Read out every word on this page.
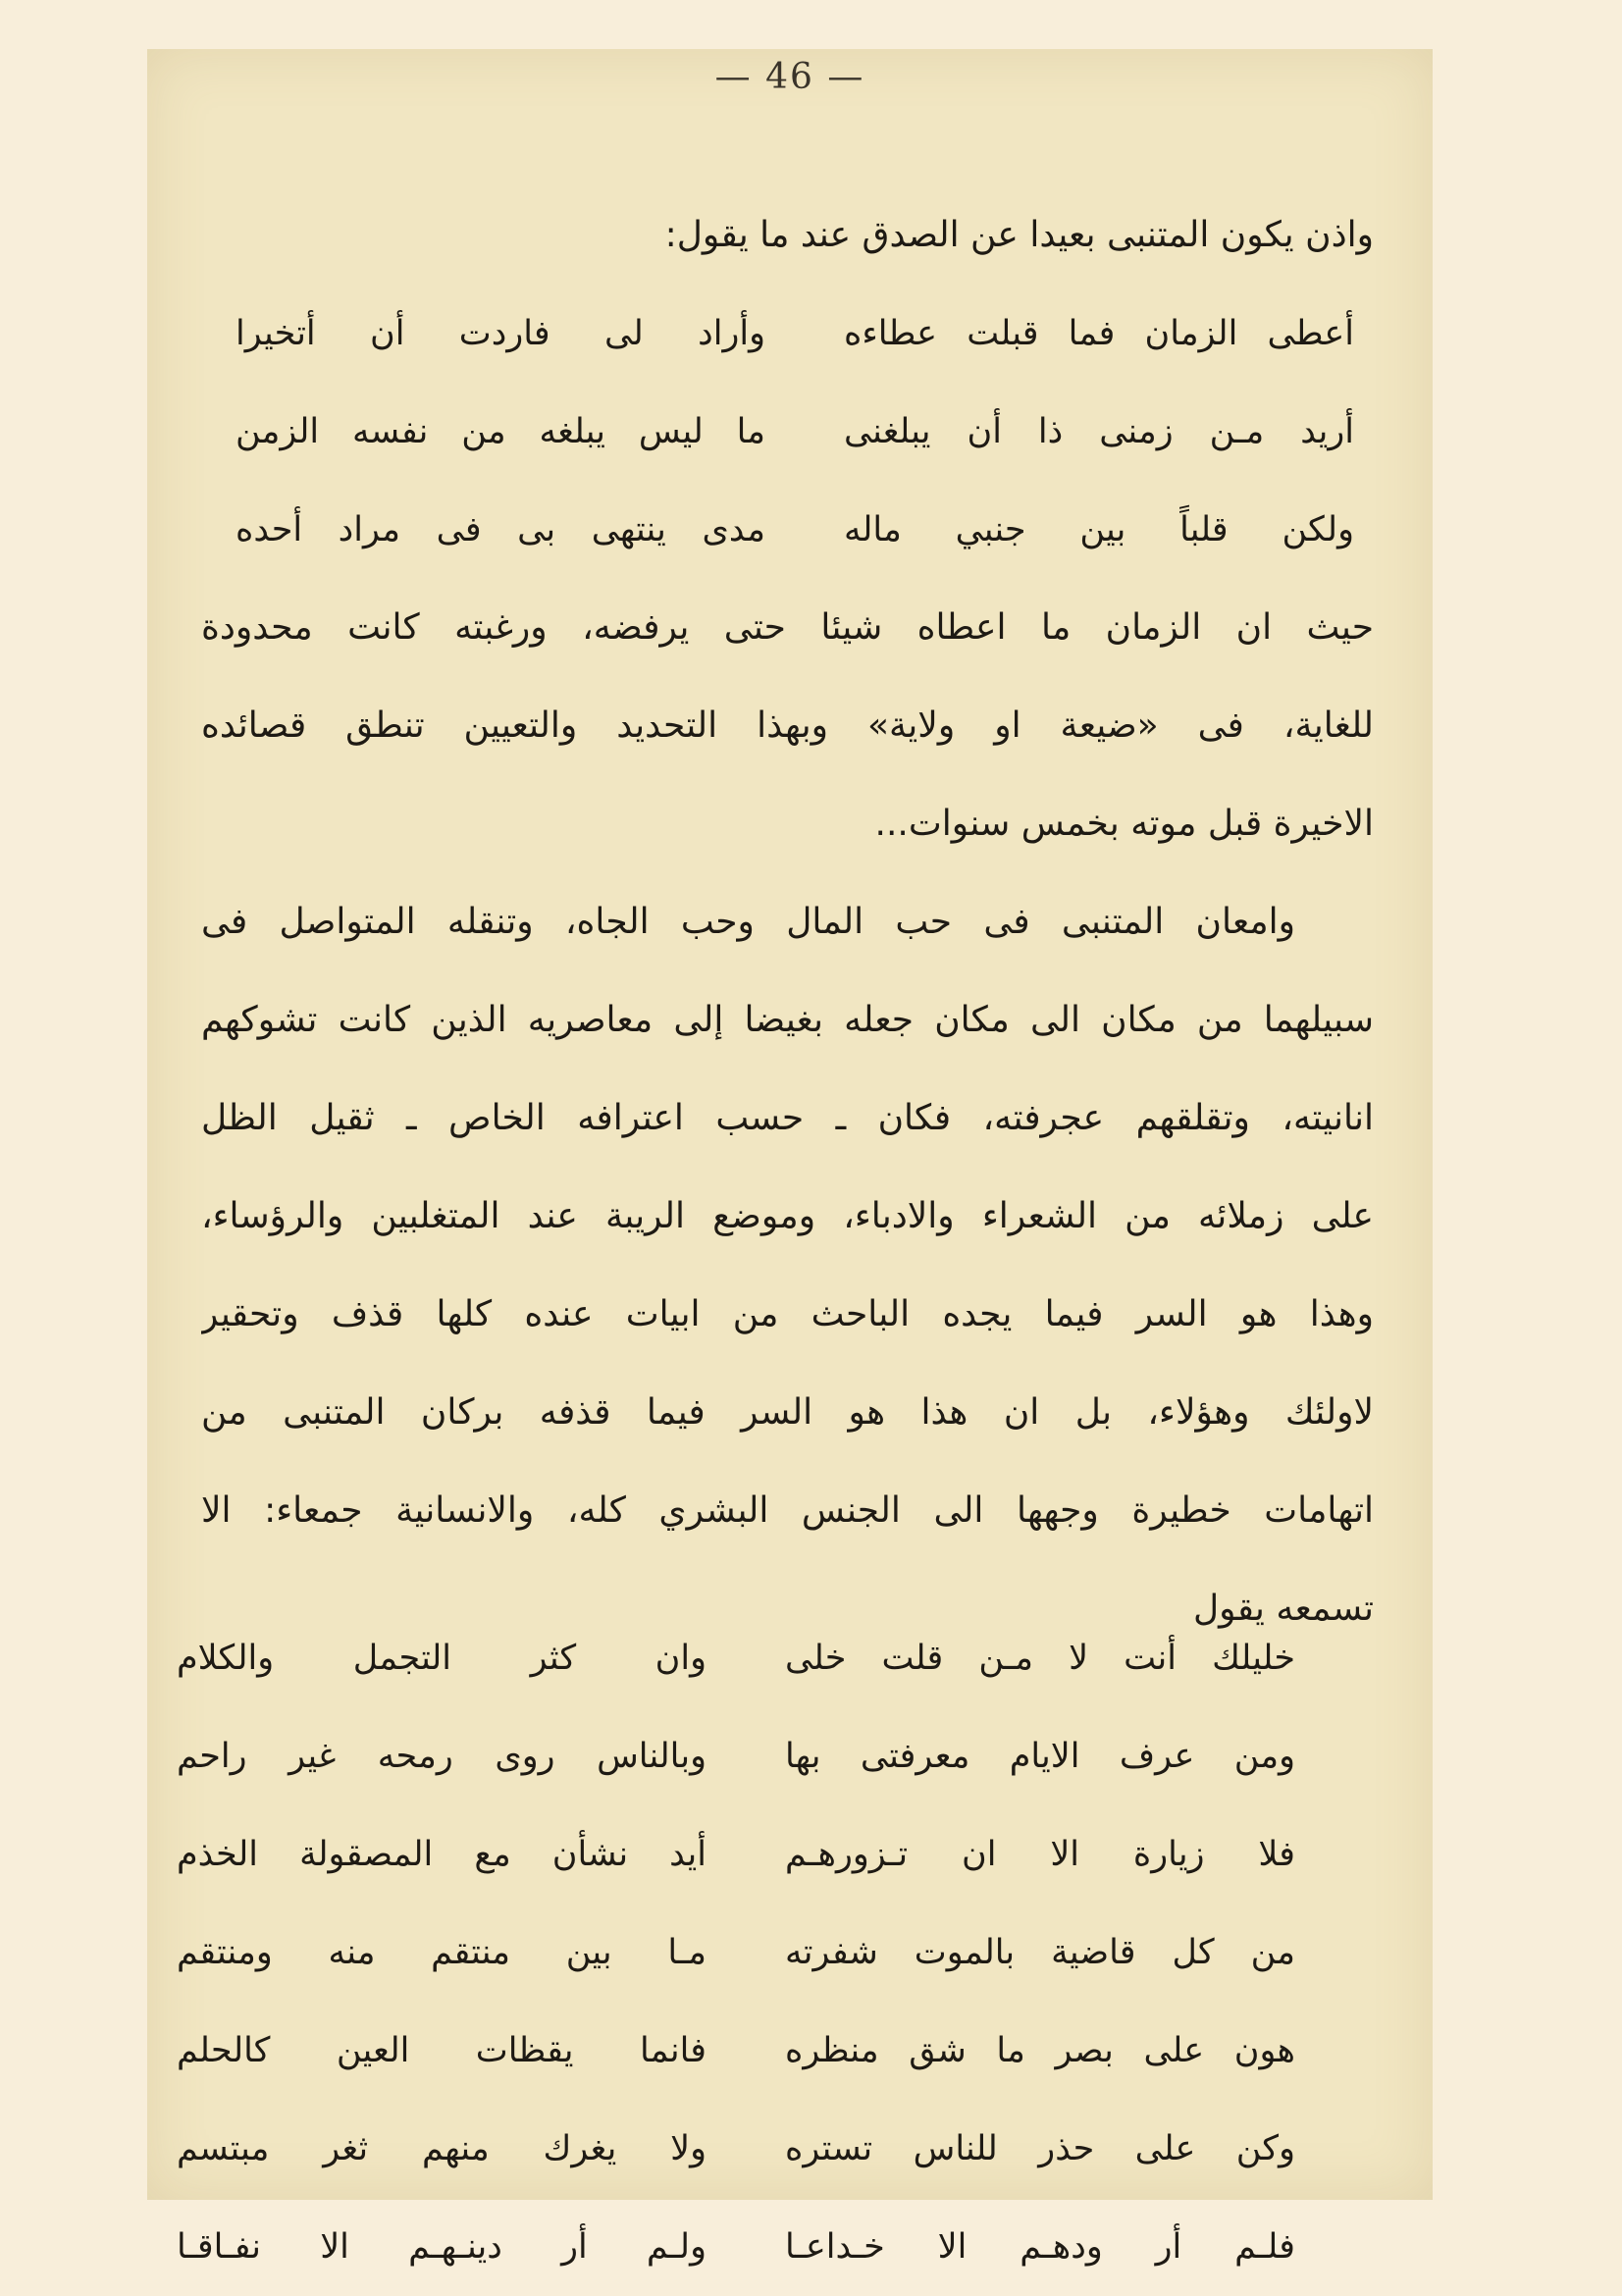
— 46 —
واذن يكون المتنبى بعيدا عن الصدق عند ما يقول:
أعطى الزمان فما قبلت عطاءه
وأراد لى فاردت أن أتخيرا
أريد مـن زمنى ذا أن يبلغنى
ما ليس يبلغه من نفسه الزمن
ولكن قلباً بين جنبي ماله
مدى ينتهى بى فى مراد أحده
حيث ان الزمان ما اعطاه شيئا حتى يرفضه، ورغبته كانت محدودة
للغاية، فى «ضيعة او ولاية» وبهذا التحديد والتعيين تنطق قصائده
الاخيرة قبل موته بخمس سنوات...
وامعان المتنبى فى حب المال وحب الجاه، وتنقله المتواصل فى
سبيلهما من مكان الى مكان جعله بغيضا إلى معاصريه الذين كانت تشوكهم
انانيته، وتقلقهم عجرفته، فكان ـ حسب اعترافه الخاص ـ ثقيل الظل
على زملائه من الشعراء والادباء، وموضع الريبة عند المتغلبين والرؤساء،
وهذا هو السر فيما يجده الباحث من ابيات عنده كلها قذف وتحقير
لاولئك وهؤلاء، بل ان هذا هو السر فيما قذفه بركان المتنبى من
اتهامات خطيرة وجهها الى الجنس البشري كله، والانسانية جمعاء: الا
تسمعه يقول
خليلك أنت لا مـن قلت خلى
وان كثر التجمل والكلام
ومن عرف الايام معرفتى بها
وبالناس روى رمحه غير راحم
فلا زيارة الا ان تـزورهـم
أيد نشأن مع المصقولة الخذم
من كل قاضية بالموت شفرته
مـا بين منتقم منه ومنتقم
هون على بصر ما شق منظره
فانما يقظات العين كالحلم
وكن على حذر للناس تستره
ولا يغرك منهم ثغر مبتسم
فلـم أر ودهـم الا خـداعـا
ولـم أر دينـهـم الا نفـاقـا
